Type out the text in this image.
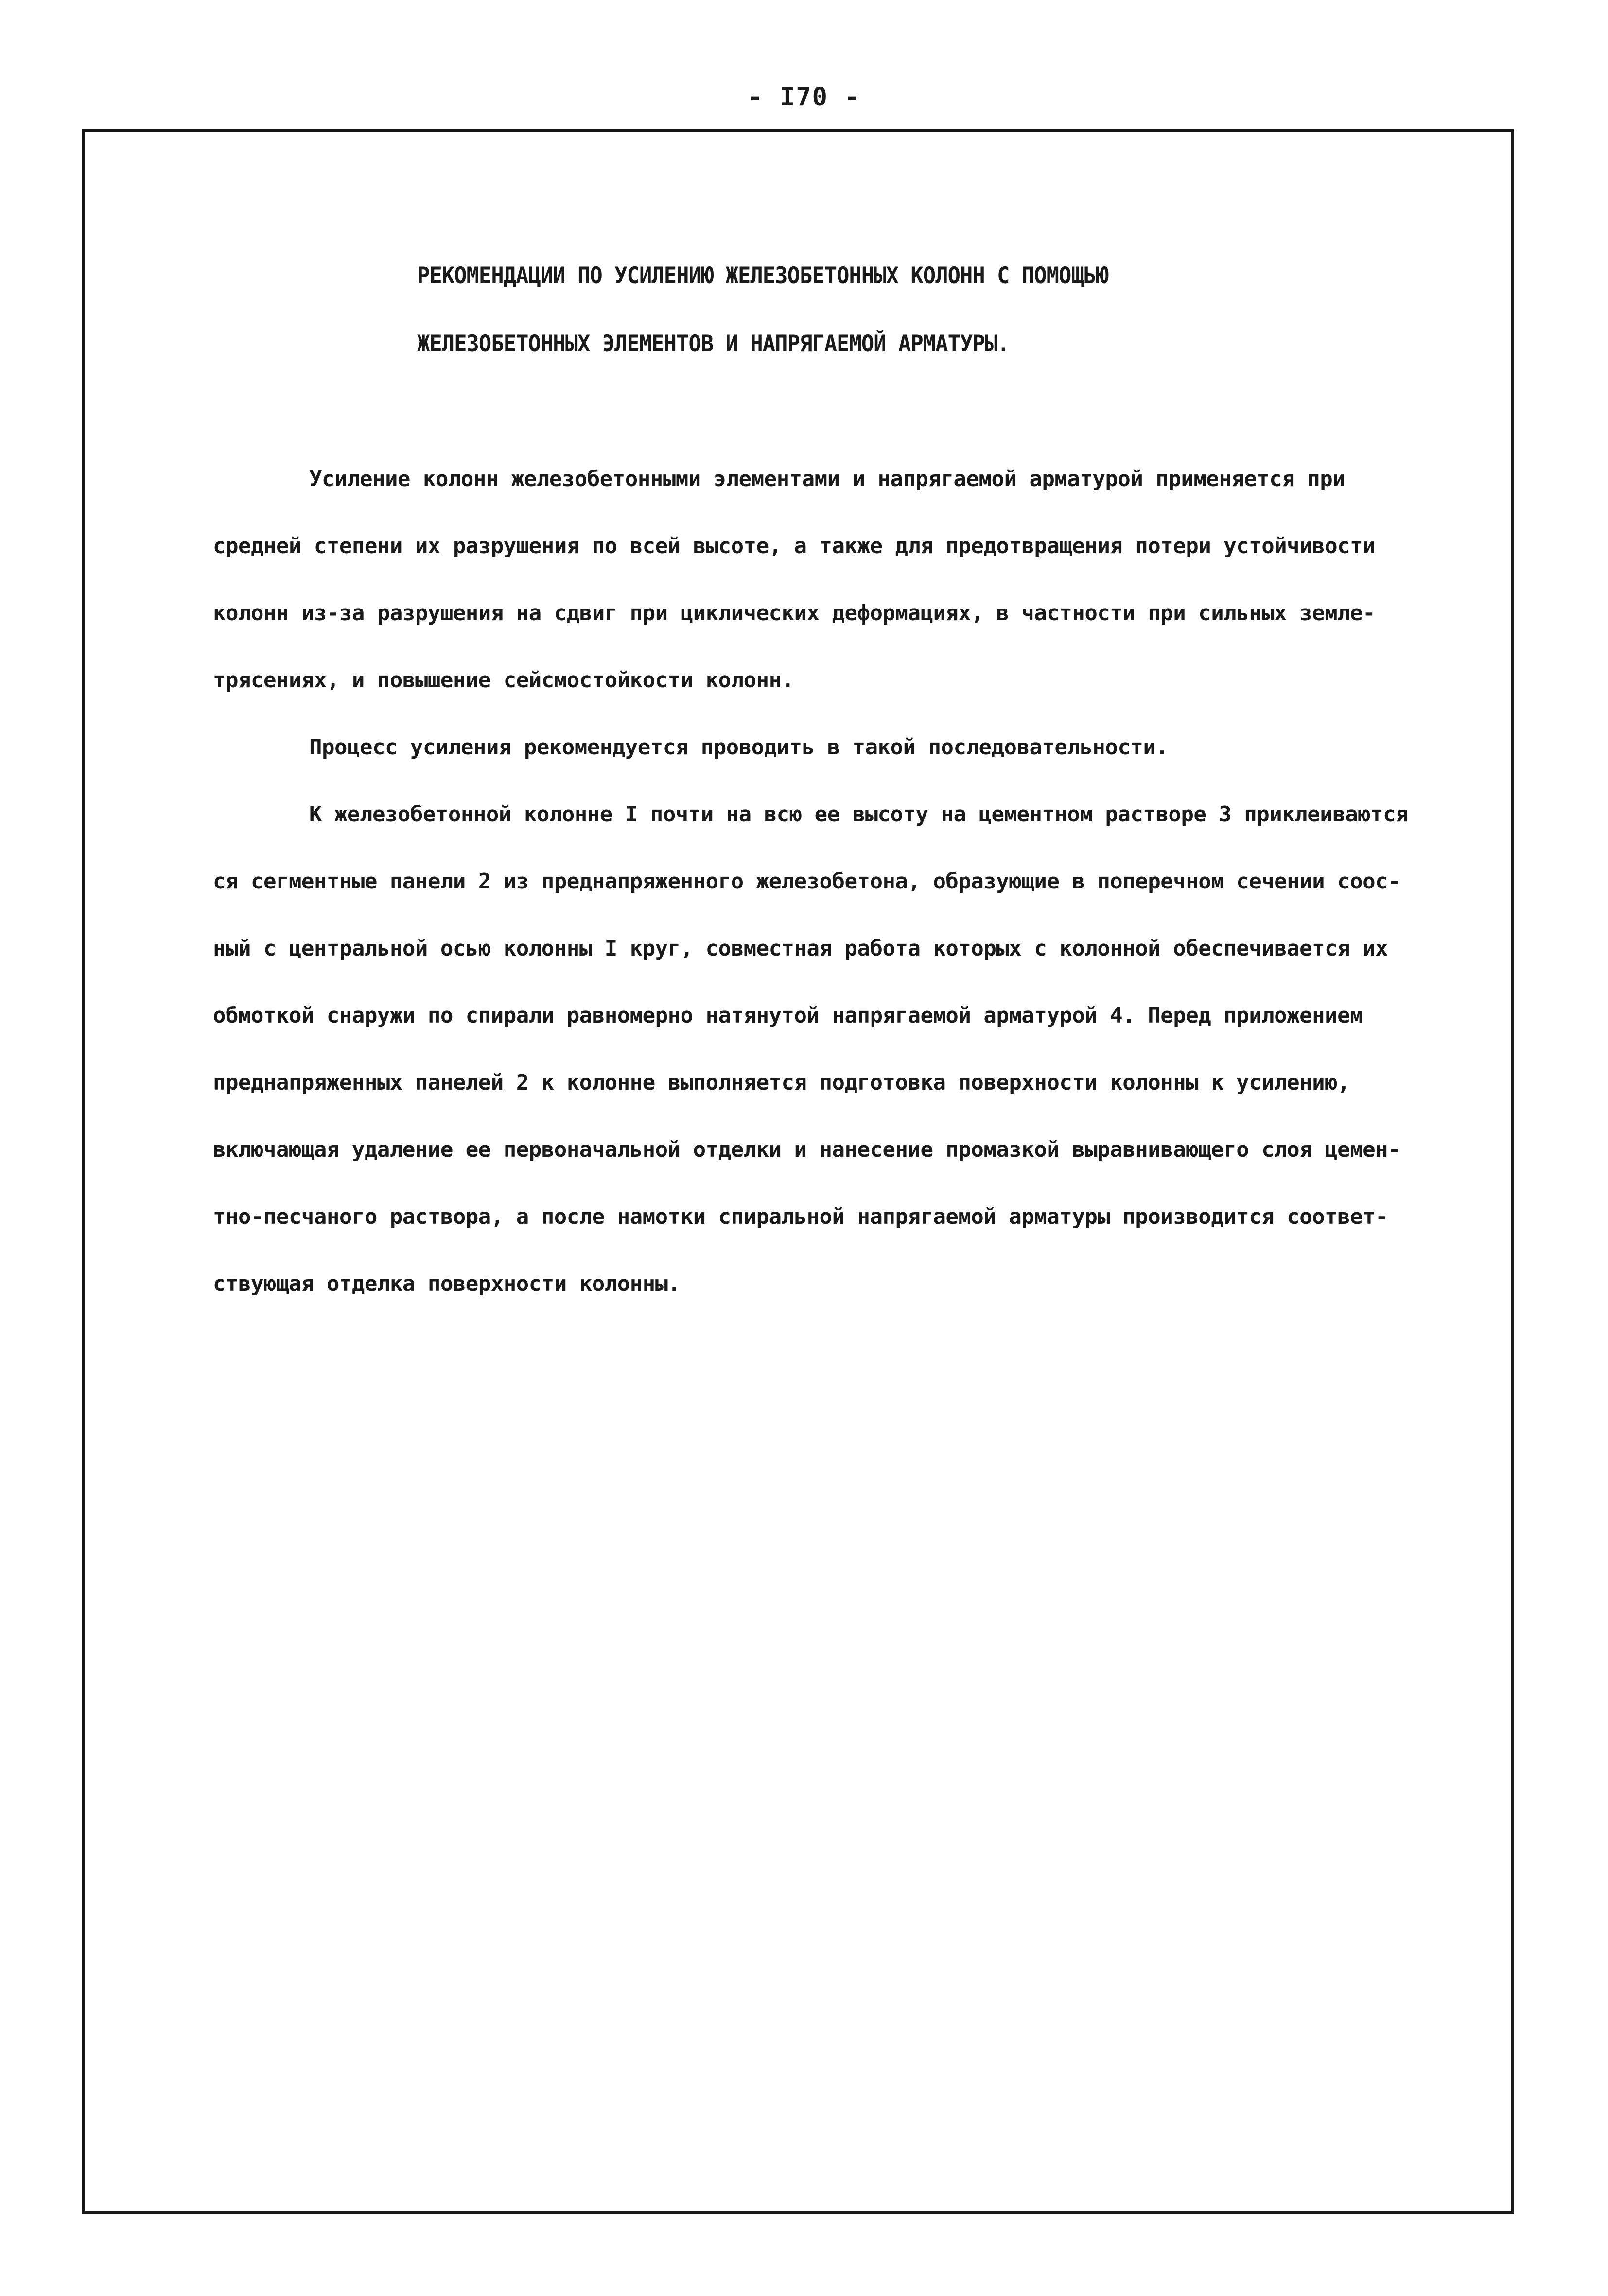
- I70 -
РЕКОМЕНДАЦИИ ПО УСИЛЕНИЮ ЖЕЛЕЗОБЕТОННЫХ КОЛОНН С ПОМОЩЬЮ
ЖЕЛЕЗОБЕТОННЫХ ЭЛЕМЕНТОВ И НАПРЯГАЕМОЙ АРМАТУРЫ.
Усиление колонн железобетонными элементами и напрягаемой арматурой применяется при
средней степени их разрушения по всей высоте, а также для предотвращения потери устойчивости
колонн из-за разрушения на сдвиг при циклических деформациях, в частности при сильных земле-
трясениях, и повышение сейсмостойкости колонн.
Процесс усиления рекомендуется проводить в такой последовательности.
К железобетонной колонне I почти на всю ее высоту на цементном растворе 3 приклеиваются
ся сегментные панели 2 из преднапряженного железобетона, образующие в поперечном сечении соос-
ный с центральной осью колонны I круг, совместная работа которых с колонной обеспечивается их
обмоткой снаружи по спирали равномерно натянутой напрягаемой арматурой 4. Перед приложением
преднапряженных панелей 2 к колонне выполняется подготовка поверхности колонны к усилению,
включающая удаление ее первоначальной отделки и нанесение промазкой выравнивающего слоя цемен-
тно-песчаного раствора, а после намотки спиральной напрягаемой арматуры производится соответ-
ствующая отделка поверхности колонны.
